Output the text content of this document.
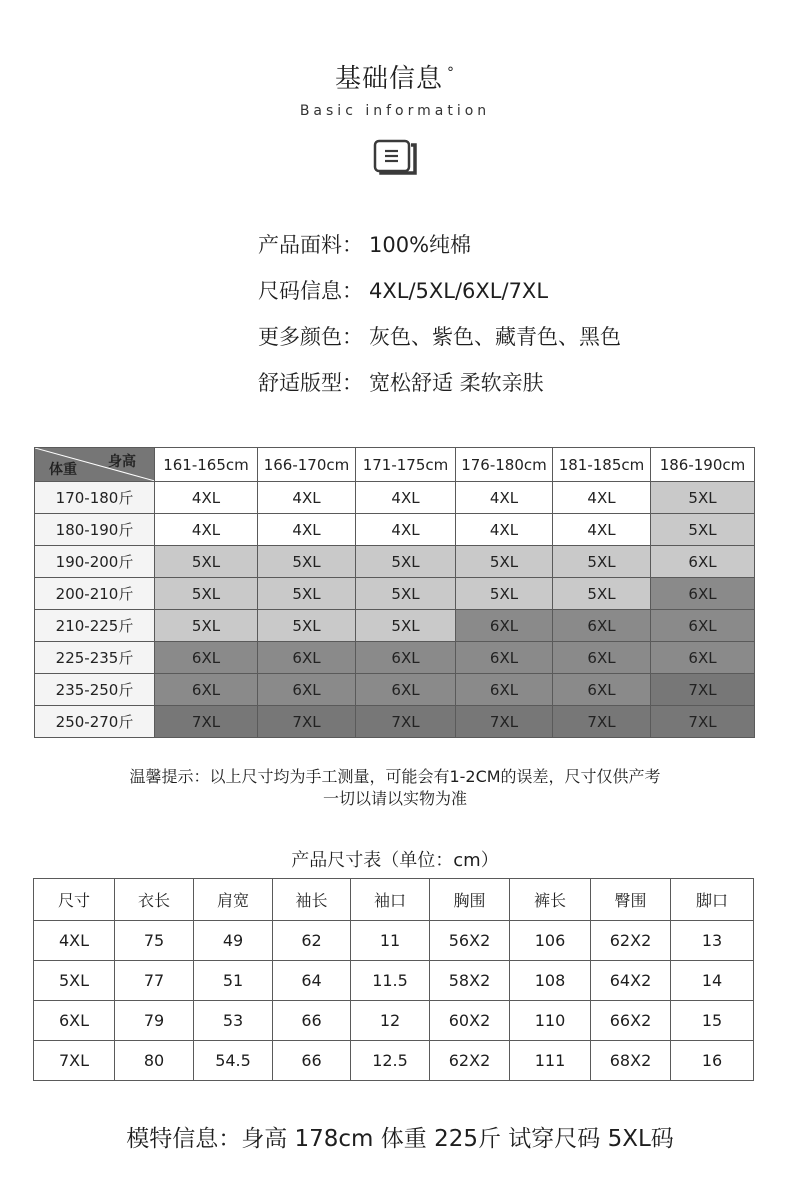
基础信息 °
Basic information
产品面料： 100%纯棉
尺码信息： 4XL/5XL/6XL/7XL
更多颜色： 灰色、紫色、藏青色、黑色
舒适版型： 宽松舒适 柔软亲肤
身高
体重	161-165cm	166-170cm	171-175cm	176-180cm	181-185cm	186-190cm
170-180斤	4XL	4XL	4XL	4XL	4XL	5XL
180-190斤	4XL	4XL	4XL	4XL	4XL	5XL
190-200斤	5XL	5XL	5XL	5XL	5XL	6XL
200-210斤	5XL	5XL	5XL	5XL	5XL	6XL
210-225斤	5XL	5XL	5XL	6XL	6XL	6XL
225-235斤	6XL	6XL	6XL	6XL	6XL	6XL
235-250斤	6XL	6XL	6XL	6XL	6XL	7XL
250-270斤	7XL	7XL	7XL	7XL	7XL	7XL
温馨提示：以上尺寸均为手工测量，可能会有1-2CM的误差，尺寸仅供产考
一切以请以实物为准
产品尺寸表（单位：cm）
尺寸	衣长	肩宽	袖长	袖口	胸围	裤长	臀围	脚口
4XL	75	49	62	11	56X2	106	62X2	13
5XL	77	51	64	11.5	58X2	108	64X2	14
6XL	79	53	66	12	60X2	110	66X2	15
7XL	80	54.5	66	12.5	62X2	111	68X2	16
模特信息：身高 178cm 体重 225斤 试穿尺码 5XL码
